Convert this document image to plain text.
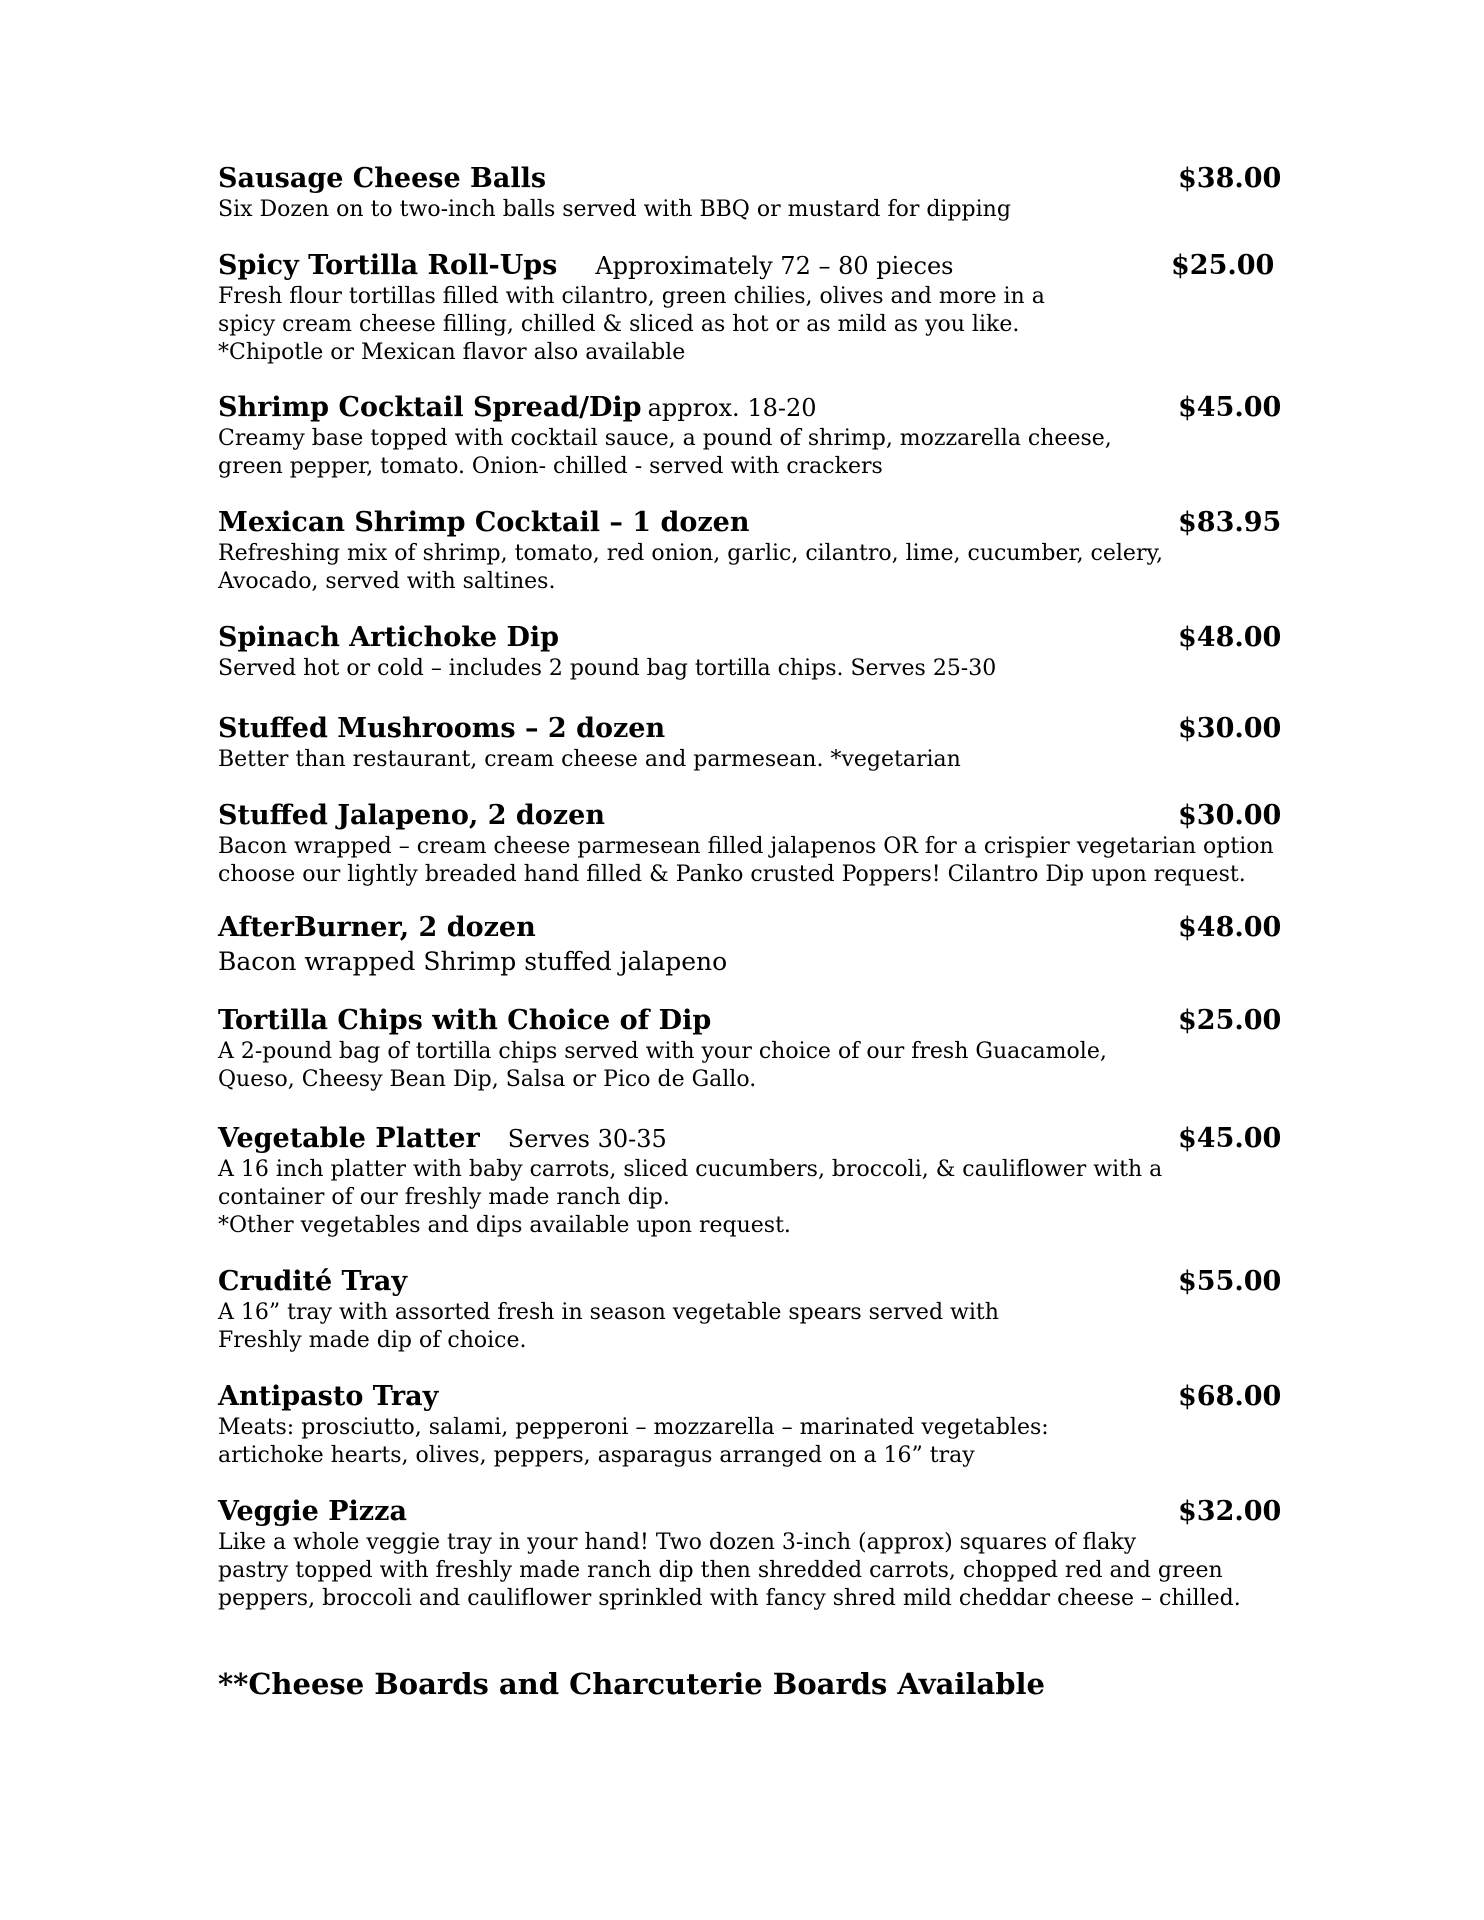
Sausage Cheese Balls	$38.00
Six Dozen on to two-inch balls served with BBQ or mustard for dipping
Spicy Tortilla Roll-Ups Approximately 72 – 80 pieces	$25.00
Fresh flour tortillas filled with cilantro, green chilies, olives and more in a
spicy cream cheese filling, chilled & sliced as hot or as mild as you like.
*Chipotle or Mexican flavor also available
Shrimp Cocktail Spread/Dip approx. 18-20	$45.00
Creamy base topped with cocktail sauce, a pound of shrimp, mozzarella cheese,
green pepper, tomato. Onion- chilled - served with crackers
Mexican Shrimp Cocktail – 1 dozen	$83.95
Refreshing mix of shrimp, tomato, red onion, garlic, cilantro, lime, cucumber, celery,
Avocado, served with saltines.
Spinach Artichoke Dip	$48.00
Served hot or cold – includes 2 pound bag tortilla chips. Serves 25-30
Stuffed Mushrooms – 2 dozen	$30.00
Better than restaurant, cream cheese and parmesean. *vegetarian
Stuffed Jalapeno, 2 dozen	$30.00
Bacon wrapped – cream cheese parmesean filled jalapenos OR for a crispier vegetarian option
choose our lightly breaded hand filled & Panko crusted Poppers! Cilantro Dip upon request.
AfterBurner, 2 dozen	$48.00
Bacon wrapped Shrimp stuffed jalapeno
Tortilla Chips with Choice of Dip	$25.00
A 2-pound bag of tortilla chips served with your choice of our fresh Guacamole,
Queso, Cheesy Bean Dip, Salsa or Pico de Gallo.
Vegetable Platter Serves 30-35	$45.00
A 16 inch platter with baby carrots, sliced cucumbers, broccoli, & cauliflower with a
container of our freshly made ranch dip.
*Other vegetables and dips available upon request.
Crudité Tray	$55.00
A 16” tray with assorted fresh in season vegetable spears served with
Freshly made dip of choice.
Antipasto Tray	$68.00
Meats: prosciutto, salami, pepperoni – mozzarella – marinated vegetables:
artichoke hearts, olives, peppers, asparagus arranged on a 16” tray
Veggie Pizza	$32.00
Like a whole veggie tray in your hand! Two dozen 3-inch (approx) squares of flaky
pastry topped with freshly made ranch dip then shredded carrots, chopped red and green
peppers, broccoli and cauliflower sprinkled with fancy shred mild cheddar cheese – chilled.
**Cheese Boards and Charcuterie Boards Available
